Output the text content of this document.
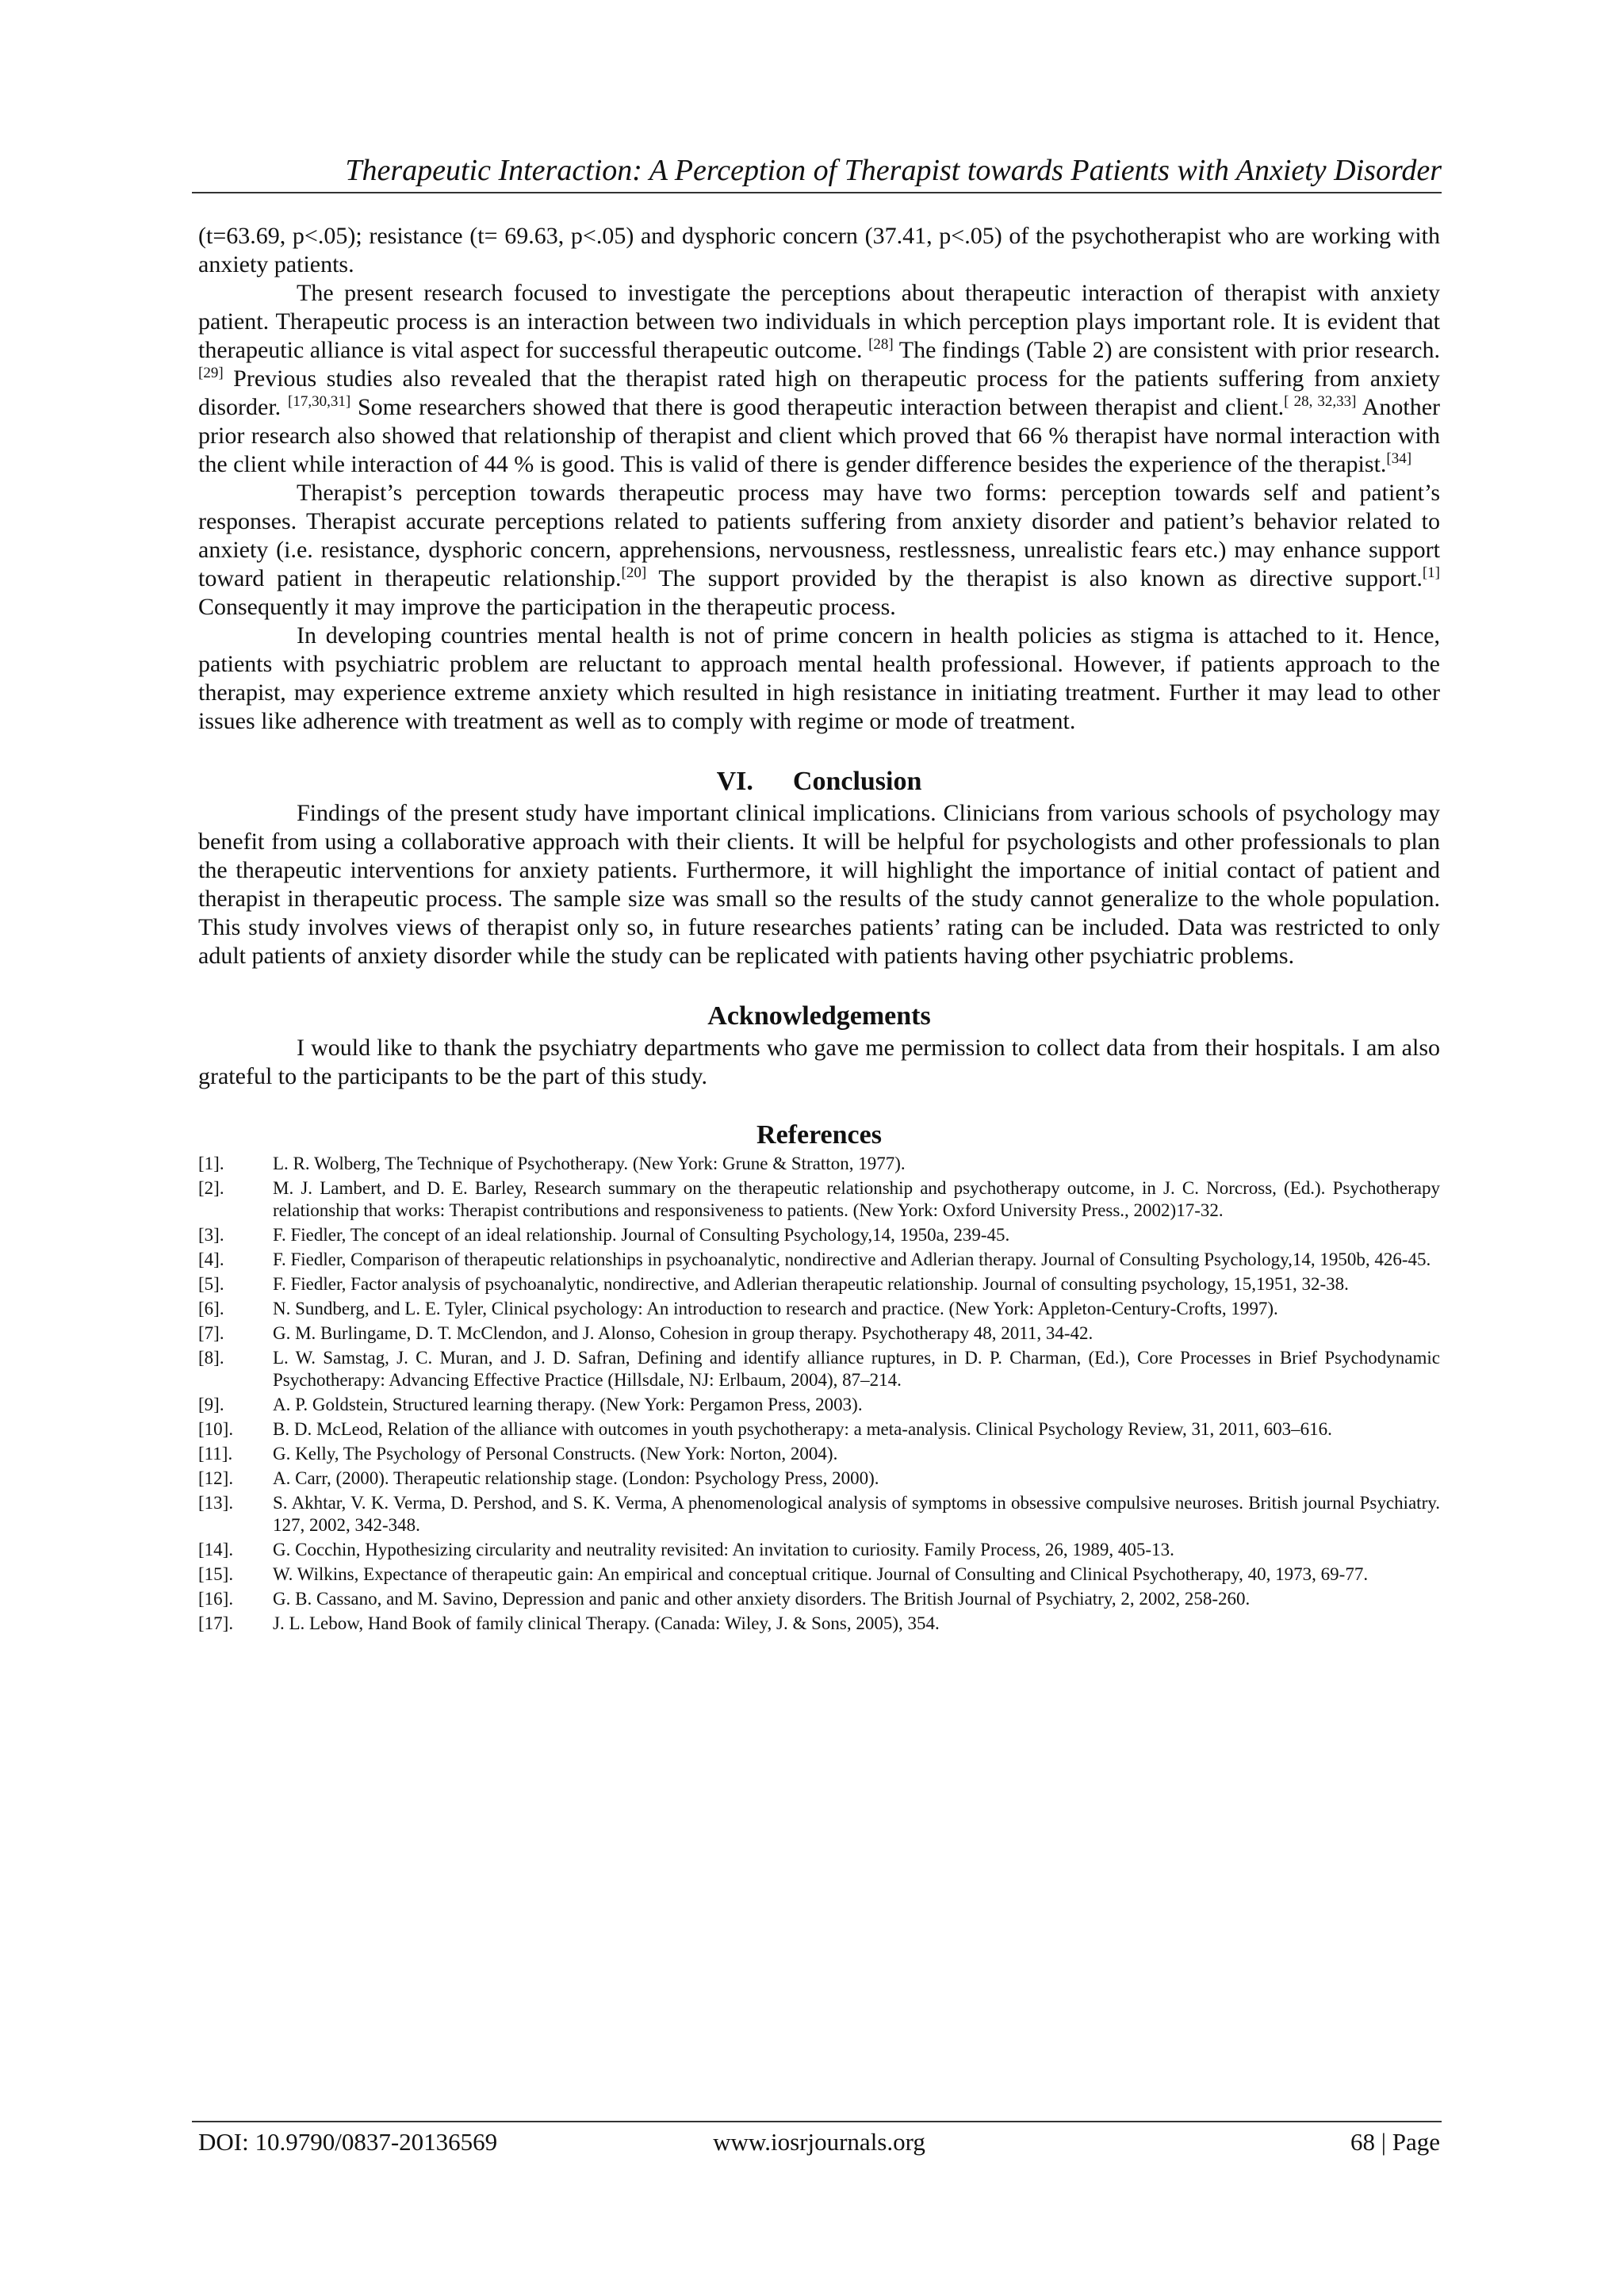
Therapeutic Interaction: A Perception of Therapist towards Patients with Anxiety Disorder

(t=63.69, p<.05); resistance (t= 69.63, p<.05) and dysphoric concern (37.41, p<.05) of the psychotherapist who are working with anxiety patients.

The present research focused to investigate the perceptions about therapeutic interaction of therapist with anxiety patient. Therapeutic process is an interaction between two individuals in which perception plays important role. It is evident that therapeutic alliance is vital aspect for successful therapeutic outcome. [28] The findings (Table 2) are consistent with prior research.[29] Previous studies also revealed that the therapist rated high on therapeutic process for the patients suffering from anxiety disorder. [17,30,31] Some researchers showed that there is good therapeutic interaction between therapist and client.[ 28, 32,33] Another prior research also showed that relationship of therapist and client which proved that 66 % therapist have normal interaction with the client while interaction of 44 % is good. This is valid of there is gender difference besides the experience of the therapist.[34]

Therapist’s perception towards therapeutic process may have two forms: perception towards self and patient’s responses. Therapist accurate perceptions related to patients suffering from anxiety disorder and patient’s behavior related to anxiety (i.e. resistance, dysphoric concern, apprehensions, nervousness, restlessness, unrealistic fears etc.) may enhance support toward patient in therapeutic relationship.[20] The support provided by the therapist is also known as directive support.[1] Consequently it may improve the participation in the therapeutic process.

In developing countries mental health is not of prime concern in health policies as stigma is attached to it. Hence, patients with psychiatric problem are reluctant to approach mental health professional. However, if patients approach to the therapist, may experience extreme anxiety which resulted in high resistance in initiating treatment. Further it may lead to other issues like adherence with treatment as well as to comply with regime or mode of treatment.

VI. Conclusion

Findings of the present study have important clinical implications. Clinicians from various schools of psychology may benefit from using a collaborative approach with their clients. It will be helpful for psychologists and other professionals to plan the therapeutic interventions for anxiety patients. Furthermore, it will highlight the importance of initial contact of patient and therapist in therapeutic process. The sample size was small so the results of the study cannot generalize to the whole population. This study involves views of therapist only so, in future researches patients’ rating can be included. Data was restricted to only adult patients of anxiety disorder while the study can be replicated with patients having other psychiatric problems.

Acknowledgements

I would like to thank the psychiatry departments who gave me permission to collect data from their hospitals. I am also grateful to the participants to be the part of this study.

References
[1].	L. R. Wolberg, The Technique of Psychotherapy. (New York: Grune & Stratton, 1977).
[2].	M. J. Lambert, and D. E. Barley, Research summary on the therapeutic relationship and psychotherapy outcome, in J. C. Norcross, (Ed.). Psychotherapy relationship that works: Therapist contributions and responsiveness to patients. (New York: Oxford University Press., 2002)17-32.
[3].	F. Fiedler, The concept of an ideal relationship. Journal of Consulting Psychology,14, 1950a, 239-45.
[4].	F. Fiedler, Comparison of therapeutic relationships in psychoanalytic, nondirective and Adlerian therapy. Journal of Consulting Psychology,14, 1950b, 426-45.
[5].	F. Fiedler, Factor analysis of psychoanalytic, nondirective, and Adlerian therapeutic relationship. Journal of consulting psychology, 15,1951, 32-38.
[6].	N. Sundberg, and L. E. Tyler, Clinical psychology: An introduction to research and practice. (New York: Appleton-Century-Crofts, 1997).
[7].	G. M. Burlingame, D. T. McClendon, and J. Alonso, Cohesion in group therapy. Psychotherapy 48, 2011, 34-42.
[8].	L. W. Samstag, J. C. Muran, and J. D. Safran, Defining and identify alliance ruptures, in D. P. Charman, (Ed.), Core Processes in Brief Psychodynamic Psychotherapy: Advancing Effective Practice (Hillsdale, NJ: Erlbaum, 2004), 87–214.
[9].	A. P. Goldstein, Structured learning therapy. (New York: Pergamon Press, 2003).
[10].	B. D. McLeod, Relation of the alliance with outcomes in youth psychotherapy: a meta-analysis. Clinical Psychology Review, 31, 2011, 603–616.
[11].	G. Kelly, The Psychology of Personal Constructs. (New York: Norton, 2004).
[12].	A. Carr, (2000). Therapeutic relationship stage. (London: Psychology Press, 2000).
[13].	S. Akhtar, V. K. Verma, D. Pershod, and S. K. Verma, A phenomenological analysis of symptoms in obsessive compulsive neuroses. British journal Psychiatry. 127, 2002, 342-348.
[14].	G. Cocchin, Hypothesizing circularity and neutrality revisited: An invitation to curiosity. Family Process, 26, 1989, 405-13.
[15].	W. Wilkins, Expectance of therapeutic gain: An empirical and conceptual critique. Journal of Consulting and Clinical Psychotherapy, 40, 1973, 69-77.
[16].	G. B. Cassano, and M. Savino, Depression and panic and other anxiety disorders. The British Journal of Psychiatry, 2, 2002, 258-260.
[17].	J. L. Lebow, Hand Book of family clinical Therapy. (Canada: Wiley, J. & Sons, 2005), 354.
DOI: 10.9790/0837-20136569	www.iosrjournals.org	68 | Page
